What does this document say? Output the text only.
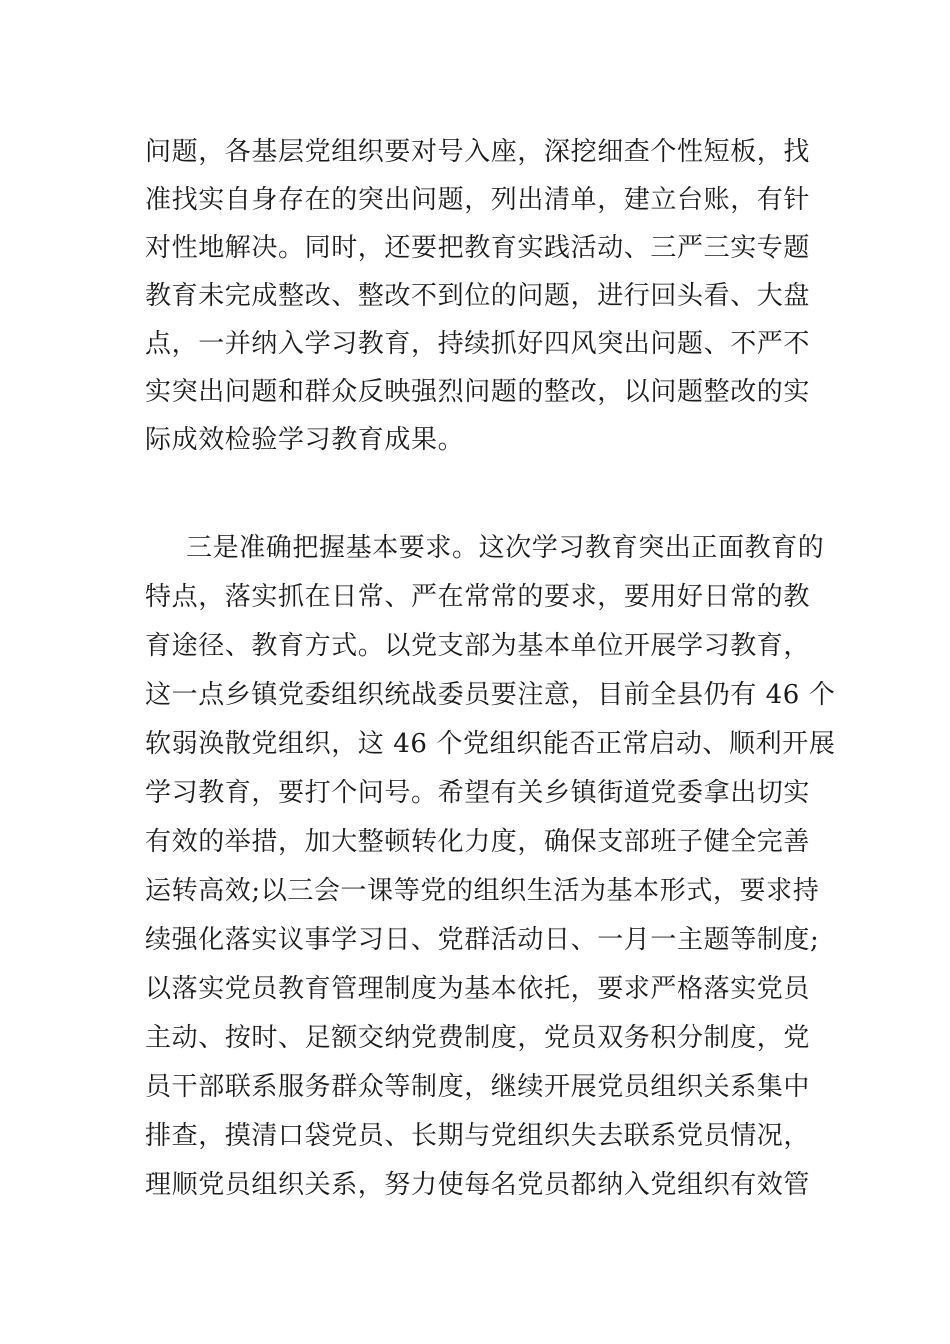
问题，各基层党组织要对号入座，深挖细查个性短板，找
准找实自身存在的突出问题，列出清单，建立台账，有针
对性地解决。同时，还要把教育实践活动、三严三实专题
教育未完成整改、整改不到位的问题，进行回头看、大盘
点，一并纳入学习教育，持续抓好四风突出问题、不严不
实突出问题和群众反映强烈问题的整改，以问题整改的实
际成效检验学习教育成果。
三是准确把握基本要求。这次学习教育突出正面教育的
特点，落实抓在日常、严在常常的要求，要用好日常的教
育途径、教育方式。以党支部为基本单位开展学习教育，
这一点乡镇党委组织统战委员要注意，目前全县仍有 46 个
软弱涣散党组织，这 46 个党组织能否正常启动、顺利开展
学习教育，要打个问号。希望有关乡镇街道党委拿出切实
有效的举措，加大整顿转化力度，确保支部班子健全完善
运转高效;以三会一课等党的组织生活为基本形式，要求持
续强化落实议事学习日、党群活动日、一月一主题等制度;
以落实党员教育管理制度为基本依托，要求严格落实党员
主动、按时、足额交纳党费制度，党员双务积分制度，党
员干部联系服务群众等制度，继续开展党员组织关系集中
排查，摸清口袋党员、长期与党组织失去联系党员情况，
理顺党员组织关系，努力使每名党员都纳入党组织有效管
